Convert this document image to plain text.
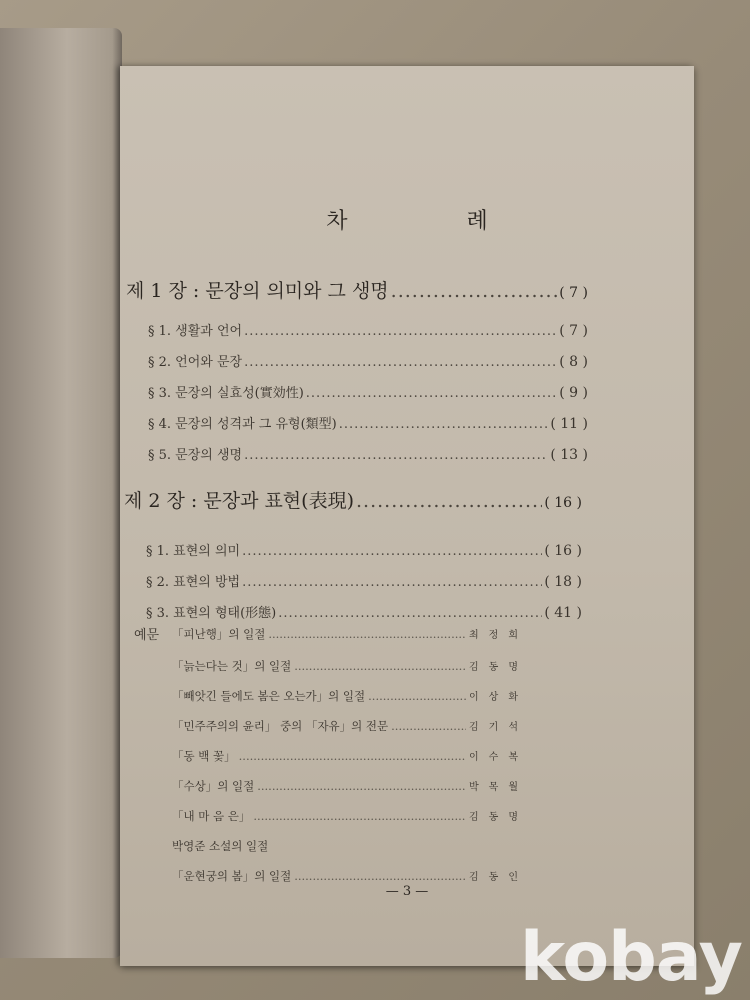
차 례
제 1 장 : 문장의 의미와 그 생명 .....	( 7 )
§ 1. 생활과 언어 .....	( 7 )
§ 2. 언어와 문장 .....	( 8 )
§ 3. 문장의 실효성(實効性) .....	( 9 )
§ 4. 문장의 성격과 그 유형(類型) .....	( 11 )
§ 5. 문장의 생명 .....	( 13 )
제 2 장 : 문장과 표현(表現) .....	( 16 )
§ 1. 표현의 의미 .....	( 16 )
§ 2. 표현의 방법 .....	( 18 )
§ 3. 표현의 형태(形態) .....	( 41 )
예문 「피난행」의 일절 .....	최정희
「늙는다는 것」의 일절 .....	김동명
「빼앗긴 들에도 봄은 오는가」의 일절 .....	이상화
「민주주의의 윤리」 중의 「자유」의 전문 .....	김기석
「동 백 꽃」 .....	이수복
「수상」의 일절 .....	박목월
「내 마 음 은」 .....	김동명
박영준 소설의 일절
「운현궁의 봄」의 일절 .....	김동인
— 3 —
kobay
